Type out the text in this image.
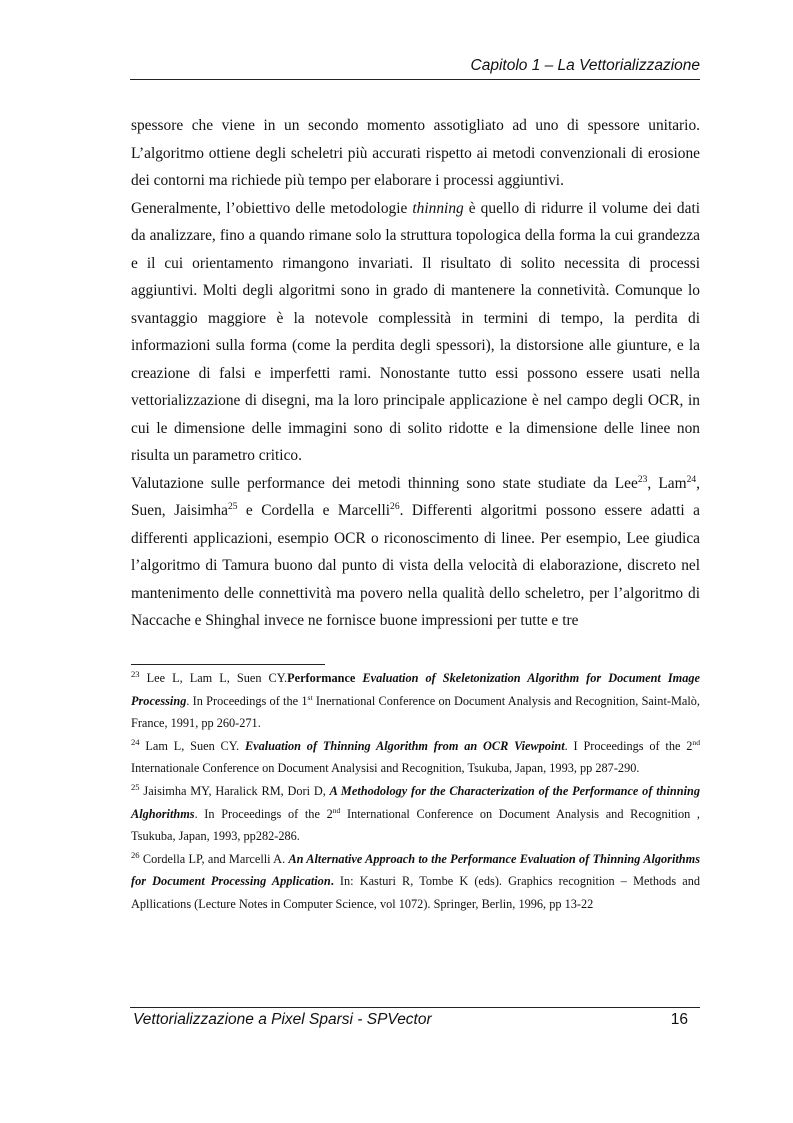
Capitolo 1 – La Vettorializzazione

spessore che viene in un secondo momento assotigliato ad uno di spessore unitario. L’algoritmo ottiene degli scheletri più accurati rispetto ai metodi convenzionali di erosione dei contorni ma richiede più tempo per elaborare i processi aggiuntivi.

Generalmente, l’obiettivo delle metodologie thinning è quello di ridurre il volume dei dati da analizzare, fino a quando rimane solo la struttura topologica della forma la cui grandezza e il cui orientamento rimangono invariati. Il risultato di solito necessita di processi aggiuntivi. Molti degli algoritmi sono in grado di mantenere la connetività. Comunque lo svantaggio maggiore è la notevole complessità in termini di tempo, la perdita di informazioni sulla forma (come la perdita degli spessori), la distorsione alle giunture, e la creazione di falsi e imperfetti rami. Nonostante tutto essi possono essere usati nella vettorializzazione di disegni, ma la loro principale applicazione è nel campo degli OCR, in cui le dimensione delle immagini sono di solito ridotte e la dimensione delle linee non risulta un parametro critico.

Valutazione sulle performance dei metodi thinning sono state studiate da Lee$^{23}$, Lam$^{24}$, Suen, Jaisimha$^{25}$ e Cordella e Marcelli$^{26}$. Differenti algoritmi possono essere adatti a differenti applicazioni, esempio OCR o riconoscimento di linee. Per esempio, Lee giudica l’algoritmo di Tamura buono dal punto di vista della velocità di elaborazione, discreto nel mantenimento delle connettività ma povero nella qualità dello scheletro, per l’algoritmo di Naccache e Shinghal invece ne fornisce buone impressioni per tutte e tre

$^{23}$ Lee L, Lam L, Suen CY.Performance Evaluation of Skeletonization Algorithm for Document Image Processing. In Proceedings of the 1st Inernational Conference on Document Analysis and Recognition, Saint-Malò, France, 1991, pp 260-271.

$^{24}$ Lam L, Suen CY. Evaluation of Thinning Algorithm from an OCR Viewpoint. I Proceedings of the 2nd Internationale Conference on Document Analysisi and Recognition, Tsukuba, Japan, 1993, pp 287-290.

$^{25}$ Jaisimha MY, Haralick RM, Dori D, A Methodology for the Characterization of the Performance of thinning Alghorithms. In Proceedings of the 2nd International Conference on Document Analysis and Recognition , Tsukuba, Japan, 1993, pp282-286.

$^{26}$ Cordella LP, and Marcelli A. An Alternative Approach to the Performance Evaluation of Thinning Algorithms for Document Processing Application. In: Kasturi R, Tombe K (eds). Graphics recognition – Methods and Apllications (Lecture Notes in Computer Science, vol 1072). Springer, Berlin, 1996, pp 13-22

Vettorializzazione a Pixel Sparsi - SPVector	16
